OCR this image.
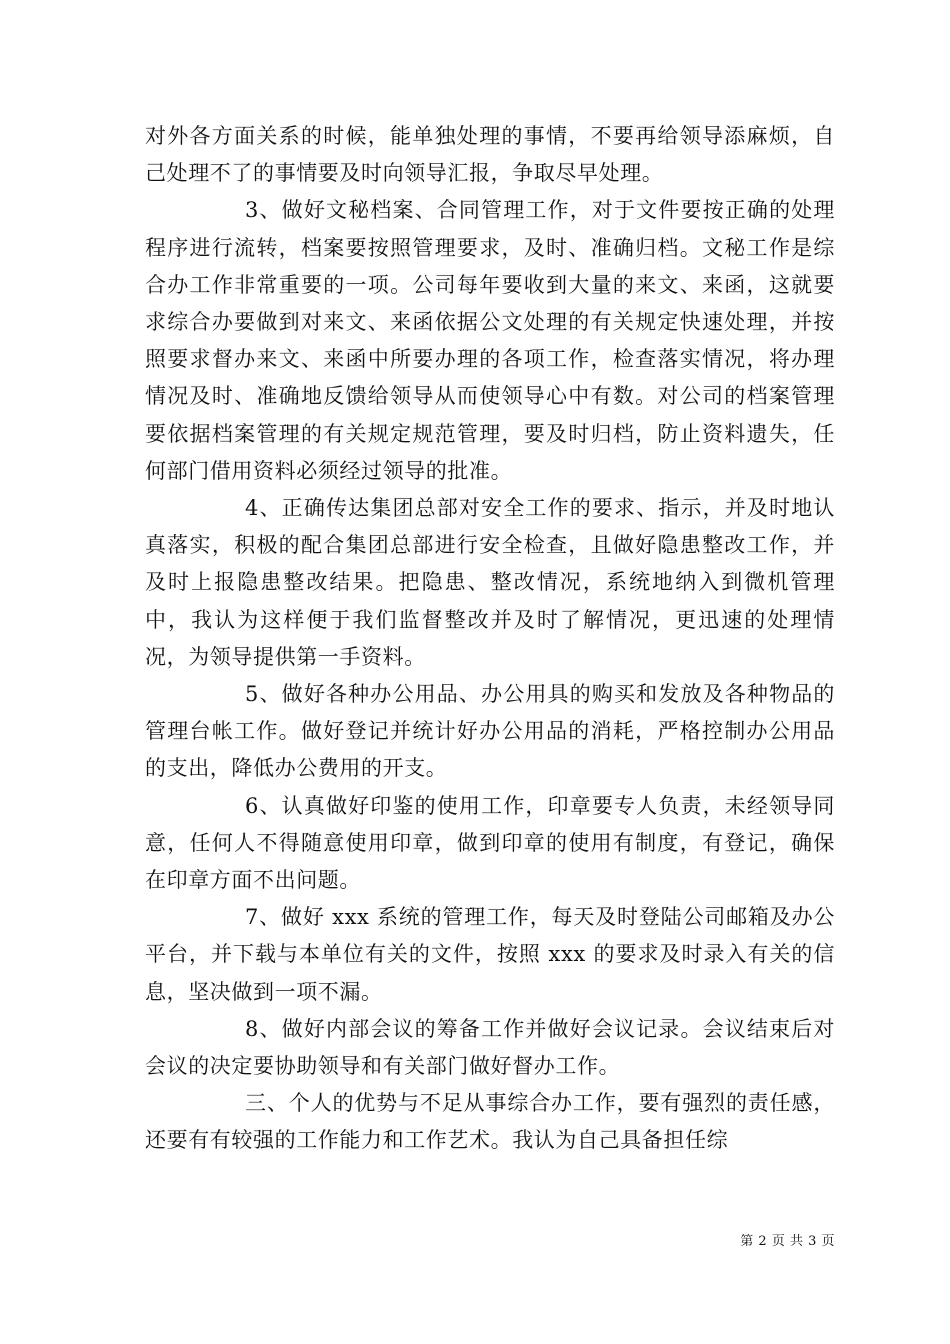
对外各方面关系的时候，能单独处理的事情，不要再给领导添麻烦，自己处理不了的事情要及时向领导汇报，争取尽早处理。

3、做好文秘档案、合同管理工作，对于文件要按正确的处理程序进行流转，档案要按照管理要求，及时、准确归档。文秘工作是综合办工作非常重要的一项。公司每年要收到大量的来文、来函，这就要求综合办要做到对来文、来函依据公文处理的有关规定快速处理，并按照要求督办来文、来函中所要办理的各项工作，检查落实情况，将办理情况及时、准确地反馈给领导从而使领导心中有数。对公司的档案管理要依据档案管理的有关规定规范管理，要及时归档，防止资料遗失，任何部门借用资料必须经过领导的批准。

4、正确传达集团总部对安全工作的要求、指示，并及时地认真落实，积极的配合集团总部进行安全检查，且做好隐患整改工作，并及时上报隐患整改结果。把隐患、整改情况，系统地纳入到微机管理中，我认为这样便于我们监督整改并及时了解情况，更迅速的处理情况，为领导提供第一手资料。

5、做好各种办公用品、办公用具的购买和发放及各种物品的管理台帐工作。做好登记并统计好办公用品的消耗，严格控制办公用品的支出，降低办公费用的开支。

6、认真做好印鉴的使用工作，印章要专人负责，未经领导同意，任何人不得随意使用印章，做到印章的使用有制度，有登记，确保在印章方面不出问题。

7、做好 xxx 系统的管理工作，每天及时登陆公司邮箱及办公平台，并下载与本单位有关的文件，按照 xxx 的要求及时录入有关的信息，坚决做到一项不漏。

8、做好内部会议的筹备工作并做好会议记录。会议结束后对会议的决定要协助领导和有关部门做好督办工作。

三、个人的优势与不足从事综合办工作，要有强烈的责任感，还要有有较强的工作能力和工作艺术。我认为自己具备担任综

第 2 页 共 3 页
